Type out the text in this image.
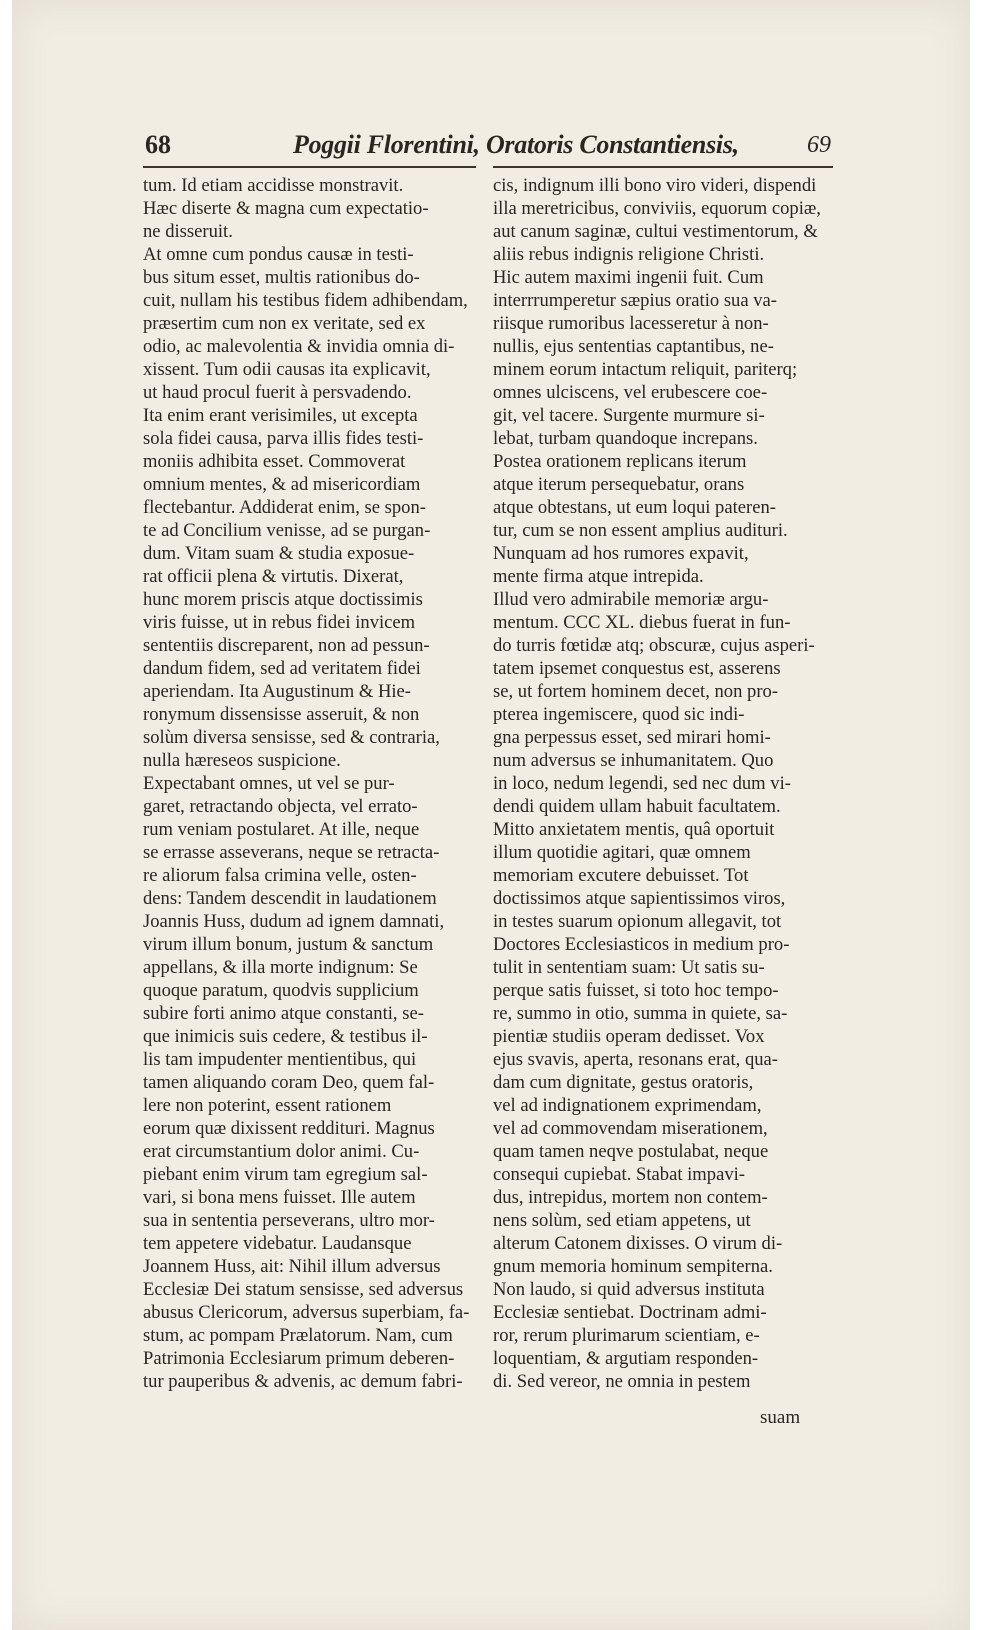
68	Poggii Florentini, Oratoris Constantiensis,	69
tum. Id etiam accidisse monstravit.
Hæc diserte & magna cum expectatio-
ne disseruit.
At omne cum pondus causæ in testi-
bus situm esset, multis rationibus do-
cuit, nullam his testibus fidem adhibendam,
præsertim cum non ex veritate, sed ex
odio, ac malevolentia & invidia omnia di-
xissent. Tum odii causas ita explicavit,
ut haud procul fuerit à persvadendo.
Ita enim erant verisimiles, ut excepta
sola fidei causa, parva illis fides testi-
moniis adhibita esset. Commoverat
omnium mentes, & ad misericordiam
flectebantur. Addiderat enim, se spon-
te ad Concilium venisse, ad se purgan-
dum. Vitam suam & studia exposue-
rat officii plena & virtutis. Dixerat,
hunc morem priscis atque doctissimis
viris fuisse, ut in rebus fidei invicem
sententiis discreparent, non ad pessun-
dandum fidem, sed ad veritatem fidei
aperiendam. Ita Augustinum & Hie-
ronymum dissensisse asseruit, & non
solùm diversa sensisse, sed & contraria,
nulla hæreseos suspicione.
Expectabant omnes, ut vel se pur-
garet, retractando objecta, vel errato-
rum veniam postularet. At ille, neque
se errasse asseverans, neque se retracta-
re aliorum falsa crimina velle, osten-
dens: Tandem descendit in laudationem
Joannis Huss, dudum ad ignem damnati,
virum illum bonum, justum & sanctum
appellans, & illa morte indignum: Se
quoque paratum, quodvis supplicium
subire forti animo atque constanti, se-
que inimicis suis cedere, & testibus il-
lis tam impudenter mentientibus, qui
tamen aliquando coram Deo, quem fal-
lere non poterint, essent rationem
eorum quæ dixissent reddituri. Magnus
erat circumstantium dolor animi. Cu-
piebant enim virum tam egregium sal-
vari, si bona mens fuisset. Ille autem
sua in sententia perseverans, ultro mor-
tem appetere videbatur. Laudansque
Joannem Huss, ait: Nihil illum adversus
Ecclesiæ Dei statum sensisse, sed adversus
abusus Clericorum, adversus superbiam, fa-
stum, ac pompam Prælatorum. Nam, cum
Patrimonia Ecclesiarum primum deberen-
tur pauperibus & advenis, ac demum fabri-
cis, indignum illi bono viro videri, dispendi
illa meretricibus, conviviis, equorum copiæ,
aut canum saginæ, cultui vestimentorum, &
aliis rebus indignis religione Christi.
Hic autem maximi ingenii fuit. Cum
interrrumperetur sæpius oratio sua va-
riisque rumoribus lacesseretur à non-
nullis, ejus sententias captantibus, ne-
minem eorum intactum reliquit, pariterq;
omnes ulciscens, vel erubescere coe-
git, vel tacere. Surgente murmure si-
lebat, turbam quandoque increpans.
Postea orationem replicans iterum
atque iterum persequebatur, orans
atque obtestans, ut eum loqui pateren-
tur, cum se non essent amplius audituri.
Nunquam ad hos rumores expavit,
mente firma atque intrepida.
Illud vero admirabile memoriæ argu-
mentum. CCC XL. diebus fuerat in fun-
do turris fœtidæ atq; obscuræ, cujus asperi-
tatem ipsemet conquestus est, asserens
se, ut fortem hominem decet, non pro-
pterea ingemiscere, quod sic indi-
gna perpessus esset, sed mirari homi-
num adversus se inhumanitatem. Quo
in loco, nedum legendi, sed nec dum vi-
dendi quidem ullam habuit facultatem.
Mitto anxietatem mentis, quâ oportuit
illum quotidie agitari, quæ omnem
memoriam excutere debuisset. Tot
doctissimos atque sapientissimos viros,
in testes suarum opionum allegavit, tot
Doctores Ecclesiasticos in medium pro-
tulit in sententiam suam: Ut satis su-
perque satis fuisset, si toto hoc tempo-
re, summo in otio, summa in quiete, sa-
pientiæ studiis operam dedisset. Vox
ejus svavis, aperta, resonans erat, qua-
dam cum dignitate, gestus oratoris,
vel ad indignationem exprimendam,
vel ad commovendam miserationem,
quam tamen neqve postulabat, neque
consequi cupiebat. Stabat impavi-
dus, intrepidus, mortem non contem-
nens solùm, sed etiam appetens, ut
alterum Catonem dixisses. O virum di-
gnum memoria hominum sempiterna.
Non laudo, si quid adversus instituta
Ecclesiæ sentiebat. Doctrinam admi-
ror, rerum plurimarum scientiam, e-
loquentiam, & argutiam responden-
di. Sed vereor, ne omnia in pestem
suam
